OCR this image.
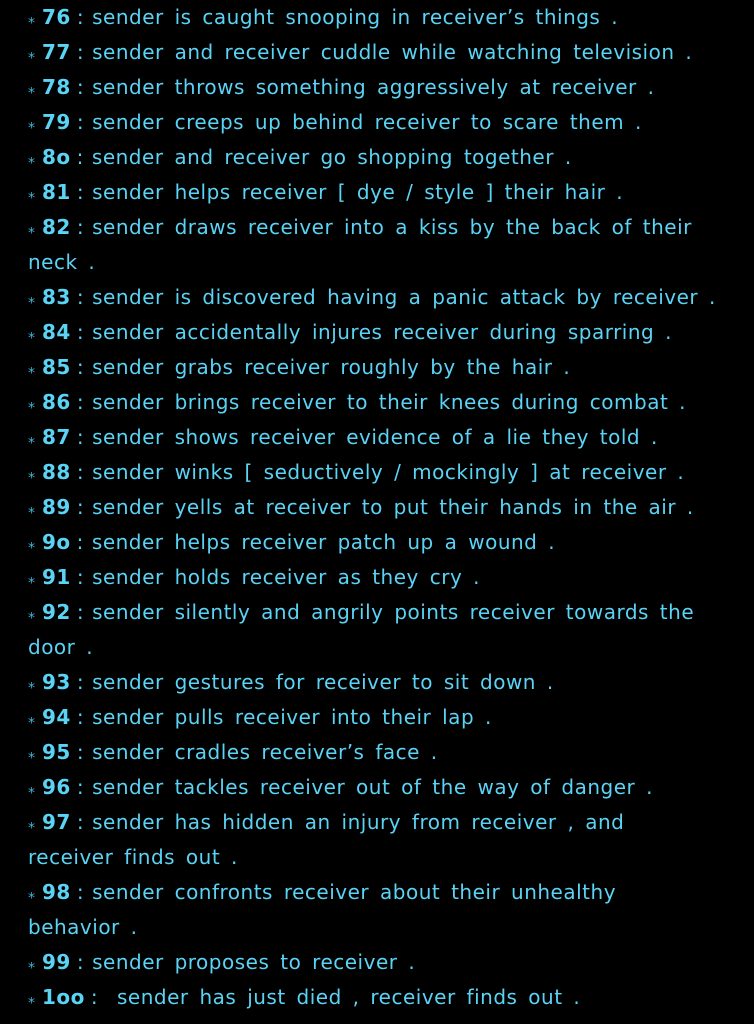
⁎ 76 : sender is caught snooping in receiver’s things .
⁎ 77 : sender and receiver cuddle while watching television .
⁎ 78 : sender throws something aggressively at receiver .
⁎ 79 : sender creeps up behind receiver to scare them .
⁎ 8o : sender and receiver go shopping together .
⁎ 81 : sender helps receiver [ dye / style ] their hair .
⁎ 82 : sender draws receiver into a kiss by the back of their
neck .
⁎ 83 : sender is discovered having a panic attack by receiver .
⁎ 84 : sender accidentally injures receiver during sparring .
⁎ 85 : sender grabs receiver roughly by the hair .
⁎ 86 : sender brings receiver to their knees during combat .
⁎ 87 : sender shows receiver evidence of a lie they told .
⁎ 88 : sender winks [ seductively / mockingly ] at receiver .
⁎ 89 : sender yells at receiver to put their hands in the air .
⁎ 9o : sender helps receiver patch up a wound .
⁎ 91 : sender holds receiver as they cry .
⁎ 92 : sender silently and angrily points receiver towards the
door .
⁎ 93 : sender gestures for receiver to sit down .
⁎ 94 : sender pulls receiver into their lap .
⁎ 95 : sender cradles receiver’s face .
⁎ 96 : sender tackles receiver out of the way of danger .
⁎ 97 : sender has hidden an injury from receiver , and
receiver finds out .
⁎ 98 : sender confronts receiver about their unhealthy
behavior .
⁎ 99 : sender proposes to receiver .
⁎ 1oo : sender has just died , receiver finds out .
